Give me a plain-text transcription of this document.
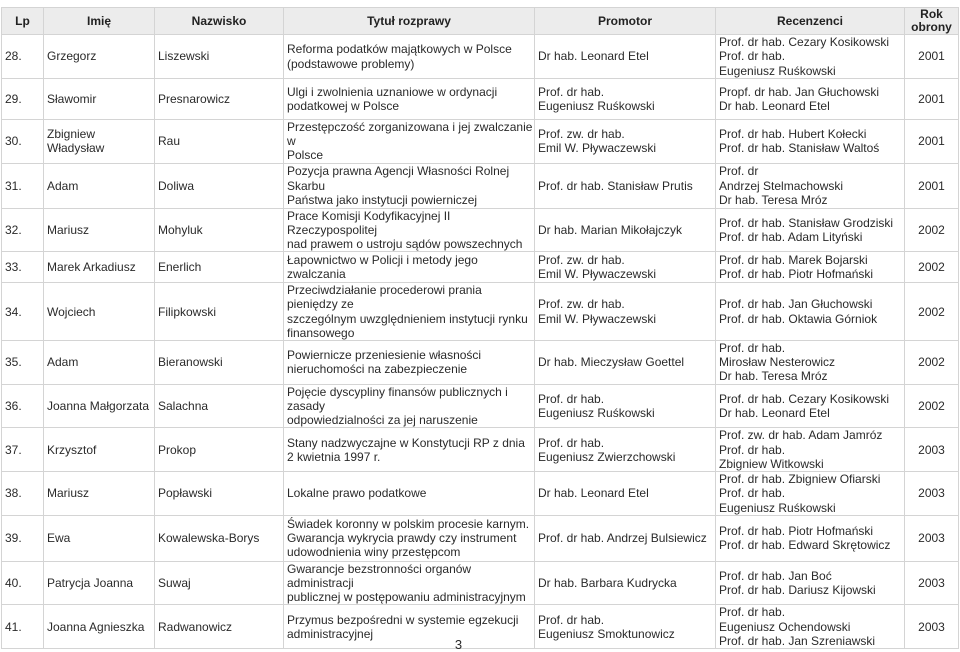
Lp	Imię	Nazwisko	Tytuł rozprawy	Promotor	Recenzenci	Rok
obrony

28.	Grzegorz	Liszewski	Reforma podatków majątkowych w Polsce
(podstawowe problemy)	Dr hab. Leonard Etel	Prof. dr hab. Cezary Kosikowski
Prof. dr hab.
Eugeniusz Ruśkowski	2001
29.	Sławomir	Presnarowicz	Ulgi i zwolnienia uznaniowe w ordynacji
podatkowej w Polsce	Prof. dr hab.
Eugeniusz Ruśkowski	Propf. dr hab. Jan Głuchowski
Dr hab. Leonard Etel	2001
30.	Zbigniew Władysław	Rau	Przestępczość zorganizowana i jej zwalczanie w
Polsce	Prof. zw. dr hab.
Emil W. Pływaczewski	Prof. dr hab. Hubert Kołecki
Prof. dr hab. Stanisław Waltoś	2001
31.	Adam	Doliwa	Pozycja prawna Agencji Własności Rolnej Skarbu
Państwa jako instytucji powierniczej	Prof. dr hab. Stanisław Prutis	Prof. dr
Andrzej Stelmachowski
Dr hab. Teresa Mróz	2001
32.	Mariusz	Mohyluk	Prace Komisji Kodyfikacyjnej II Rzeczypospolitej
nad prawem o ustroju sądów powszechnych	Dr hab. Marian Mikołajczyk	Prof. dr hab. Stanisław Grodziski
Prof. dr hab. Adam Lityński	2002
33.	Marek Arkadiusz	Enerlich	Łapownictwo w Policji i metody jego zwalczania	Prof. zw. dr hab.
Emil W. Pływaczewski	Prof. dr hab. Marek Bojarski
Prof. dr hab. Piotr Hofmański	2002
34.	Wojciech	Filipkowski	Przeciwdziałanie procederowi prania pieniędzy ze
szczególnym uwzględnieniem instytucji rynku
finansowego	Prof. zw. dr hab.
Emil W. Pływaczewski	Prof. dr hab. Jan Głuchowski
Prof. dr hab. Oktawia Górniok	2002
35.	Adam	Bieranowski	Powiernicze przeniesienie własności
nieruchomości na zabezpieczenie	Dr hab. Mieczysław Goettel	Prof. dr hab.
Mirosław Nesterowicz
Dr hab. Teresa Mróz	2002
36.	Joanna Małgorzata	Salachna	Pojęcie dyscypliny finansów publicznych i zasady
odpowiedzialności za jej naruszenie	Prof. dr hab.
Eugeniusz Ruśkowski	Prof. dr hab. Cezary Kosikowski
Dr hab. Leonard Etel	2002
37.	Krzysztof	Prokop	Stany nadzwyczajne w Konstytucji RP z dnia
2 kwietnia 1997 r.	Prof. dr hab.
Eugeniusz Zwierzchowski	Prof. zw. dr hab. Adam Jamróz
Prof. dr hab.
Zbigniew Witkowski	2003
38.	Mariusz	Popławski	Lokalne prawo podatkowe	Dr hab. Leonard Etel	Prof. dr hab. Zbigniew Ofiarski
Prof. dr hab.
Eugeniusz Ruśkowski	2003
39.	Ewa	Kowalewska-Borys	Świadek koronny w polskim procesie karnym.
Gwarancja wykrycia prawdy czy instrument
udowodnienia winy przestępcom	Prof. dr hab. Andrzej Bulsiewicz	Prof. dr hab. Piotr Hofmański
Prof. dr hab. Edward Skrętowicz	2003
40.	Patrycja Joanna	Suwaj	Gwarancje bezstronności organów administracji
publicznej w postępowaniu administracyjnym	Dr hab. Barbara Kudrycka	Prof. dr hab. Jan Boć
Prof. dr hab. Dariusz Kijowski	2003
41.	Joanna Agnieszka	Radwanowicz	Przymus bezpośredni w systemie egzekucji
administracyjnej	Prof. dr hab.
Eugeniusz Smoktunowicz	Prof. dr hab.
Eugeniusz Ochendowski
Prof. dr hab. Jan Szreniawski	2003
3
